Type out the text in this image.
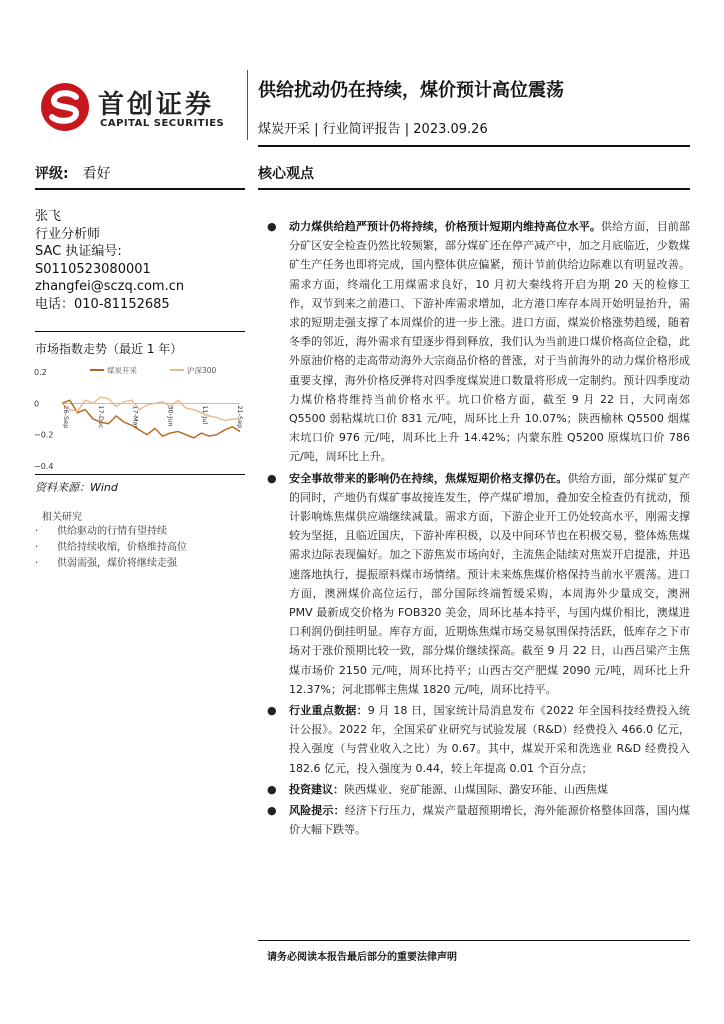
首创证券
CAPITAL SECURITIES
供给扰动仍在持续，煤价预计高位震荡
煤炭开采 | 行业简评报告 | 2023.09.26
评级: 看好	核心观点
张飞
行业分析师
SAC 执证编号:
S0110523080001
zhangfei@sczq.com.cn
电话：010-81152685
市场指数走势（最近 1 年）
0.2
0
−0.2
−0.4
26-Sep	17-Dec	17-Mar	30-Jun	11-Jul	21-Sep
煤炭开采	沪深300
资料来源：Wind
相关研究
· 供给驱动的行情有望持续
· 供给持续收缩，价格维持高位
· 供弱需强，煤价将继续走强
● 动力煤供给趋严预计仍将持续，价格预计短期内维持高位水平。供给方面，目前部分矿区安全检查仍然比较频繁，部分煤矿还在停产减产中，加之月底临近，少数煤矿生产任务也即将完成，国内整体供应偏紧，预计节前供给边际难以有明显改善。需求方面，终端化工用煤需求良好，10 月初大秦线将开启为期 20 天的检修工作，双节到来之前港口、下游补库需求增加，北方港口库存本周开始明显抬升，需求的短期走强支撑了本周煤价的进一步上涨。进口方面，煤炭价格涨势趋缓，随着冬季的邻近，海外需求有望逐步得到释放，我们认为当前进口煤价格高位企稳，此外原油价格的走高带动海外大宗商品价格的普涨，对于当前海外的动力煤价格形成重要支撑，海外价格反弹将对四季度煤炭进口数量将形成一定制约。预计四季度动力煤价格将维持当前价格水平。坑口价格方面，截至 9 月 22 日，大同南郊 Q5500 弱粘煤坑口价 831 元/吨，周环比上升 10.07%；陕西榆林 Q5500 烟煤末坑口价 976 元/吨，周环比上升 14.42%；内蒙东胜 Q5200 原煤坑口价 786 元/吨，周环比上升。
● 安全事故带来的影响仍在持续，焦煤短期价格支撑仍在。供给方面，部分煤矿复产的同时，产地仍有煤矿事故接连发生，停产煤矿增加，叠加安全检查仍有扰动，预计影响炼焦煤供应端继续减量。需求方面，下游企业开工仍处较高水平，刚需支撑较为坚挺，且临近国庆，下游补库积极，以及中间环节也在积极交易，整体炼焦煤需求边际表现偏好。加之下游焦炭市场向好，主流焦企陆续对焦炭开启提涨，并迅速落地执行，提振原料煤市场情绪。预计未来炼焦煤价格保持当前水平震荡。进口方面，澳洲煤价高位运行，部分国际终端暂缓采购，本周海外少量成交，澳洲 PMV 最新成交价格为 FOB320 美金，周环比基本持平，与国内煤价相比，澳煤进口利润仍倒挂明显。库存方面，近期炼焦煤市场交易氛围保持活跃，低库存之下市场对于涨价预期比较一致，部分煤价继续探高。截至 9 月 22 日，山西吕梁产主焦煤市场价 2150 元/吨，周环比持平；山西古交产肥煤 2090 元/吨，周环比上升 12.37%；河北邯郸主焦煤 1820 元/吨，周环比持平。
● 行业重点数据：9 月 18 日，国家统计局消息发布《2022 年全国科技经费投入统计公报》。2022 年，全国采矿业研究与试验发展（R&D）经费投入 466.0 亿元，投入强度（与营业收入之比）为 0.67。其中，煤炭开采和洗选业 R&D 经费投入 182.6 亿元，投入强度为 0.44，较上年提高 0.01 个百分点；
● 投资建议：陕西煤业、兖矿能源、山煤国际、潞安环能、山西焦煤
● 风险提示：经济下行压力，煤炭产量超预期增长，海外能源价格整体回落，国内煤价大幅下跌等。
请务必阅读本报告最后部分的重要法律声明
